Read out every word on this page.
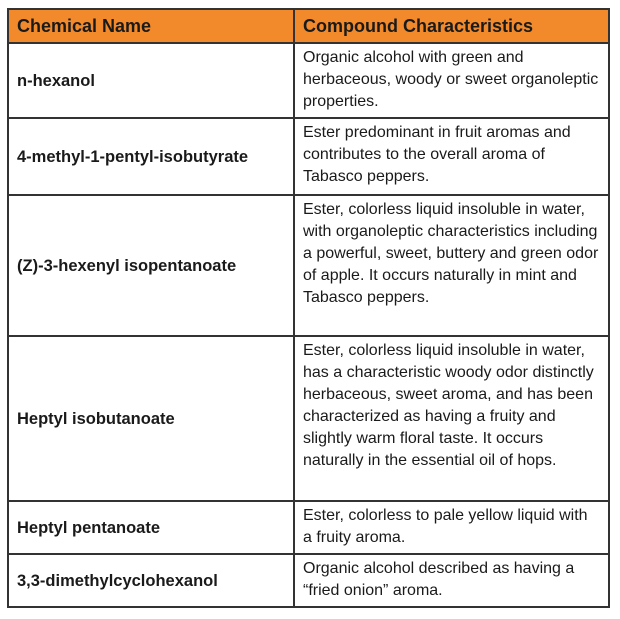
Chemical Name	Compound Characteristics
n-hexanol	Organic alcohol with green and herbaceous, woody or sweet organoleptic properties.
4-methyl-1-pentyl-isobutyrate	Ester predominant in fruit aromas and contributes to the overall aroma of Tabasco peppers.
(Z)-3-hexenyl isopentanoate	Ester, colorless liquid insoluble in water, with organoleptic characteristics including a powerful, sweet, buttery and green odor of apple. It occurs naturally in mint and Tabasco peppers.
Heptyl isobutanoate	Ester, colorless liquid insoluble in water, has a characteristic woody odor distinctly herbaceous, sweet aroma, and has been characterized as having a fruity and slightly warm floral taste. It occurs naturally in the essential oil of hops.
Heptyl pentanoate	Ester, colorless to pale yellow liquid with a fruity aroma.
3,3-dimethylcyclohexanol	Organic alcohol described as having a “fried onion” aroma.
